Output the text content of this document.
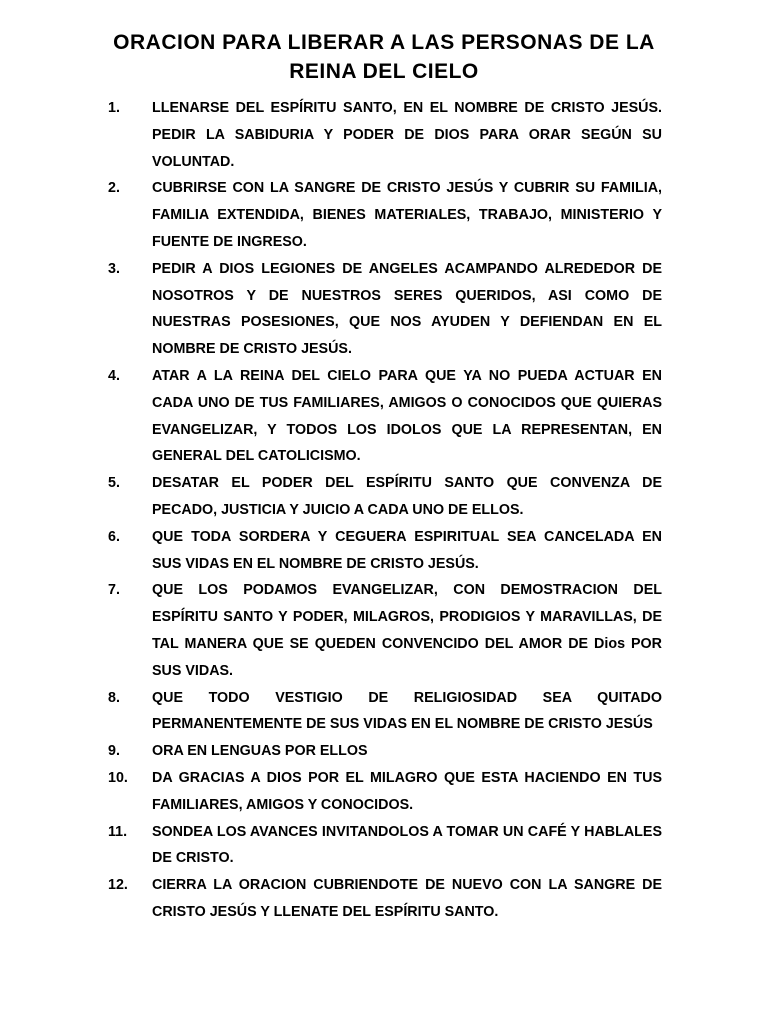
ORACION PARA LIBERAR A LAS PERSONAS DE LA REINA DEL CIELO
1.	LLENARSE DEL ESPÍRITU SANTO, EN EL NOMBRE DE CRISTO JESÚS. PEDIR LA SABIDURIA Y PODER DE DIOS PARA ORAR SEGÚN SU VOLUNTAD.
2.	CUBRIRSE CON LA SANGRE DE CRISTO JESÚS Y CUBRIR SU FAMILIA, FAMILIA EXTENDIDA, BIENES MATERIALES, TRABAJO, MINISTERIO Y FUENTE DE INGRESO.
3.	PEDIR A DIOS LEGIONES DE ANGELES ACAMPANDO ALREDEDOR DE NOSOTROS Y DE NUESTROS SERES QUERIDOS, ASI COMO DE NUESTRAS POSESIONES, QUE NOS AYUDEN Y DEFIENDAN EN EL NOMBRE DE CRISTO JESÚS.
4.	ATAR A LA REINA DEL CIELO PARA QUE YA NO PUEDA ACTUAR EN CADA UNO DE TUS FAMILIARES, AMIGOS O CONOCIDOS QUE QUIERAS EVANGELIZAR, Y TODOS LOS IDOLOS QUE LA REPRESENTAN, EN GENERAL DEL CATOLICISMO.
5.	DESATAR EL PODER DEL ESPÍRITU SANTO QUE CONVENZA DE PECADO, JUSTICIA Y JUICIO A CADA UNO DE ELLOS.
6.	QUE TODA SORDERA Y CEGUERA ESPIRITUAL SEA CANCELADA EN SUS VIDAS EN EL NOMBRE DE CRISTO JESÚS.
7.	QUE LOS PODAMOS EVANGELIZAR, CON DEMOSTRACION DEL ESPÍRITU SANTO Y PODER, MILAGROS, PRODIGIOS Y MARAVILLAS, DE TAL MANERA QUE SE QUEDEN CONVENCIDO DEL AMOR DE Dios POR SUS VIDAS.
8.	QUE TODO VESTIGIO DE RELIGIOSIDAD SEA QUITADO PERMANENTEMENTE DE SUS VIDAS EN EL NOMBRE DE CRISTO JESÚS
9.	ORA EN LENGUAS POR ELLOS
10.	DA GRACIAS A DIOS POR EL MILAGRO QUE ESTA HACIENDO EN TUS FAMILIARES, AMIGOS Y CONOCIDOS.
11.	SONDEA LOS AVANCES INVITANDOLOS A TOMAR UN CAFÉ Y HABLALES DE CRISTO.
12.	CIERRA LA ORACION CUBRIENDOTE DE NUEVO CON LA SANGRE DE CRISTO JESÚS Y LLENATE DEL ESPÍRITU SANTO.
